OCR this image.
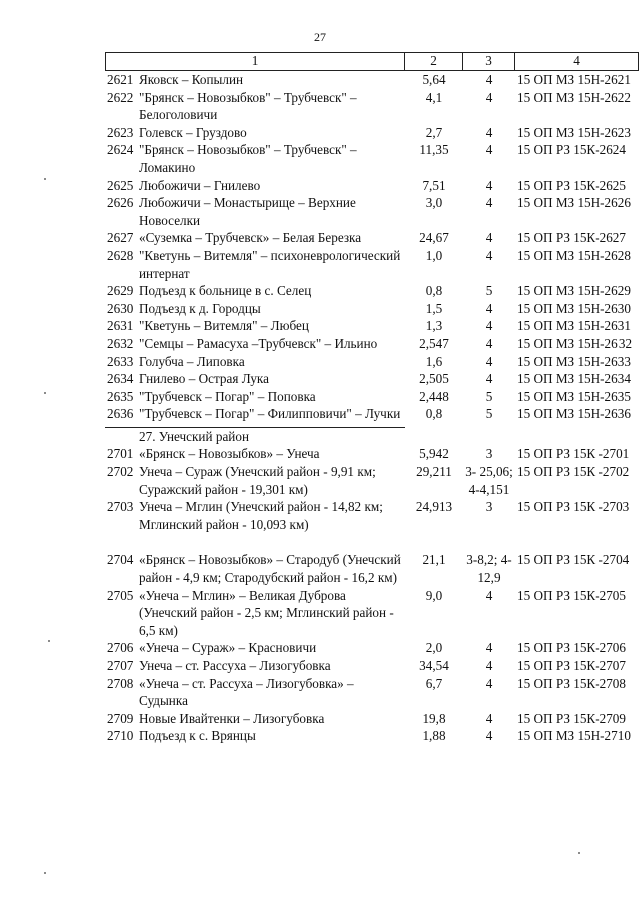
27
1	2	3	4
2621 Яковск – Копылин	5,64	4	15 ОП МЗ 15Н-2621
2622 "Брянск – Новозыбков" – Трубчевск" – Белоголовичи
4,1	4	15 ОП МЗ 15Н-2622
2623 Голевск – Груздово	2,7	4	15 ОП МЗ 15Н-2623
2624 "Брянск – Новозыбков" – Трубчевск" – Ломакино
11,35	4	15 ОП РЗ 15К-2624
2625 Любожичи – Гнилево	7,51	4	15 ОП РЗ 15К-2625
2626 Любожичи – Монастырище – Верхние Новоселки
3,0	4	15 ОП МЗ 15Н-2626
2627 «Суземка – Трубчевск» – Белая Березка	24,67	4	15 ОП РЗ 15К-2627
2628 "Кветунь – Витемля" – психоневрологический интернат
1,0	4	15 ОП МЗ 15Н-2628
2629 Подъезд к больнице в с. Селец	0,8	5	15 ОП МЗ 15Н-2629
2630 Подъезд к д. Городцы	1,5	4	15 ОП МЗ 15Н-2630
2631 "Кветунь – Витемля" – Любец	1,3	4	15 ОП МЗ 15Н-2631
2632 "Семцы – Рамасуха –Трубчевск" – Ильино	2,547	4	15 ОП МЗ 15Н-26 32
2633 Голубча – Липовка	1,6	4	15 ОП МЗ 15Н-2633
2634 Гнилево – Острая Лука	2,505	4	15 ОП МЗ 15Н-2634
2635 "Трубчевск – Погар" – Поповка	2,448	5	15 ОП МЗ 15Н-2635
2636 "Трубчевск – Погар" – Филипповичи" – Лучки	0,8	5	15 ОП МЗ 15Н-2636
27. Унечский район
2701 «Брянск – Новозыбков» – Унеча	5,942	3	15 ОП РЗ 15К -2701
2702 Унеча – Сураж (Унечский район - 9,91 км; Суражский район - 19,301 км)
29,211	3- 25,06; 4-4,151
15 ОП РЗ 15К -2702
2703 Унеча – Мглин (Унечский район - 14,82 км; Мглинский район - 10,093 км)
24,913	3	15 ОП РЗ 15К -2703
2704 «Брянск – Новозыбков» – Стародуб (Унечский район - 4,9 км; Стародубский район - 16,2 км)
21,1	3-8,2; 4-12,9
15 ОП РЗ 15К -2704
2705 «Унеча – Мглин» – Великая Дуброва (Унечский район - 2,5 км; Мглинский район - 6,5 км)
9,0	4	15 ОП РЗ 15К-2705
2706 «Унеча – Сураж» – Красновичи	2,0	4	15 ОП РЗ 15К-2706
2707 Унеча – ст. Рассуха – Лизогубовка	34,54	4	15 ОП РЗ 15К-2707
2708 «Унеча – ст. Рассуха – Лизогубовка» – Судынка
6,7	4	15 ОП РЗ 15К-2708
2709 Новые Ивайтенки – Лизогубовка	19,8	4	15 ОП РЗ 15К-2709
2710 Подъезд к с. Врянцы	1,88	4	15 ОП МЗ 15Н-2710
